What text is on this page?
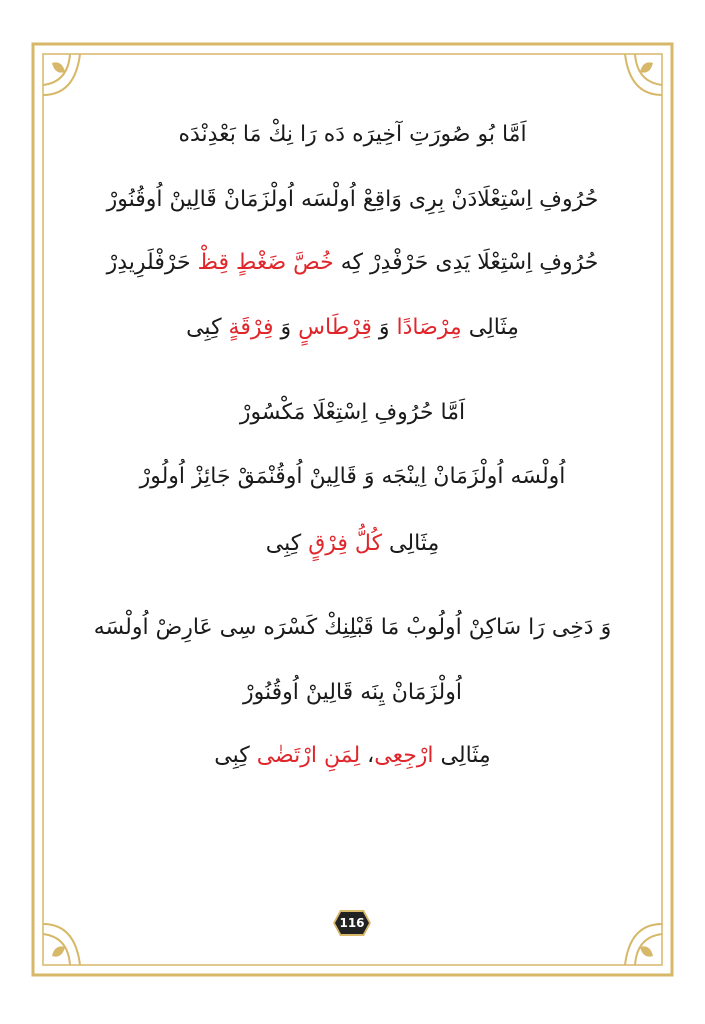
اَمَّا بُو صُورَتِ آخِيرَه دَه رَا نِكْ مَا بَعْدِنْدَه
حُرُوفِ اِسْتِعْلَادَنْ بِرِى وَاقِعْ اُولْسَه اُولْزَمَانْ قَالِينْ اُوقُنُورْ
حُرُوفِ اِسْتِعْلَا يَدِى حَرْفْدِرْ كِه خُصَّ ضَغْطٍ قِظْ حَرْفْلَرِيدِرْ
مِثَالِى مِرْصَادًا وَ قِرْطَاسٍ وَ فِرْقَةٍ كِبِى
اَمَّا حُرُوفِ اِسْتِعْلَا مَكْسُورْ
اُولْسَه اُولْزَمَانْ اِينْجَه وَ قَالِينْ اُوقُنْمَقْ جَائِزْ اُولُورْ
مِثَالِى كُلُّ فِرْقٍ كِبِى
وَ دَخِى رَا سَاكِنْ اُولُوبْ مَا قَبْلِنِكْ كَسْرَه سِى عَارِضْ اُولْسَه
اُولْزَمَانْ يِنَه قَالِينْ اُوقُنُورْ
مِثَالِى ارْجِعِى، لِمَنِ ارْتَضٰى كِبِى
116
